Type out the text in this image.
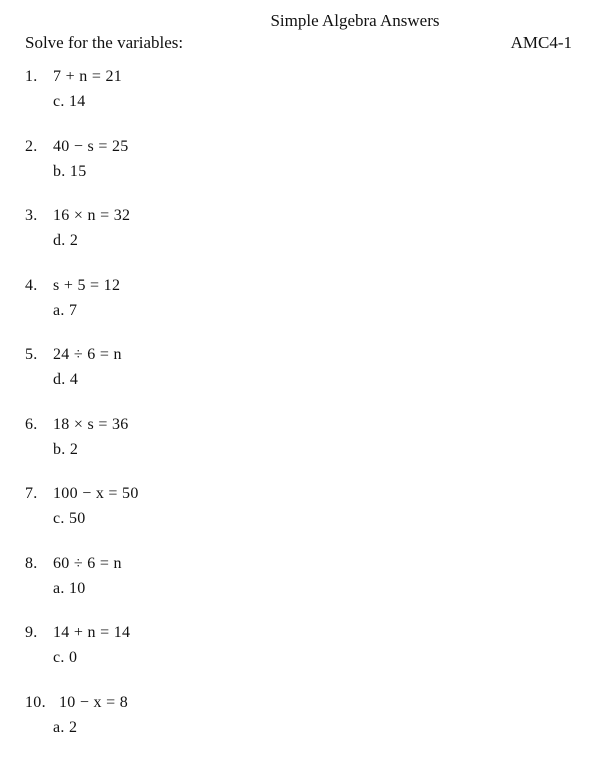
Simple Algebra Answers
Solve for the variables:	AMC4-1
1. 7 + n = 21
c. 14
2. 40 − s = 25
b. 15
3. 16 × n = 32
d. 2
4. s + 5 = 12
a. 7
5. 24 ÷ 6 = n
d. 4
6. 18 × s = 36
b. 2
7. 100 − x = 50
c. 50
8. 60 ÷ 6 = n
a. 10
9. 14 + n = 14
c. 0
10. 10 − x = 8
a. 2
